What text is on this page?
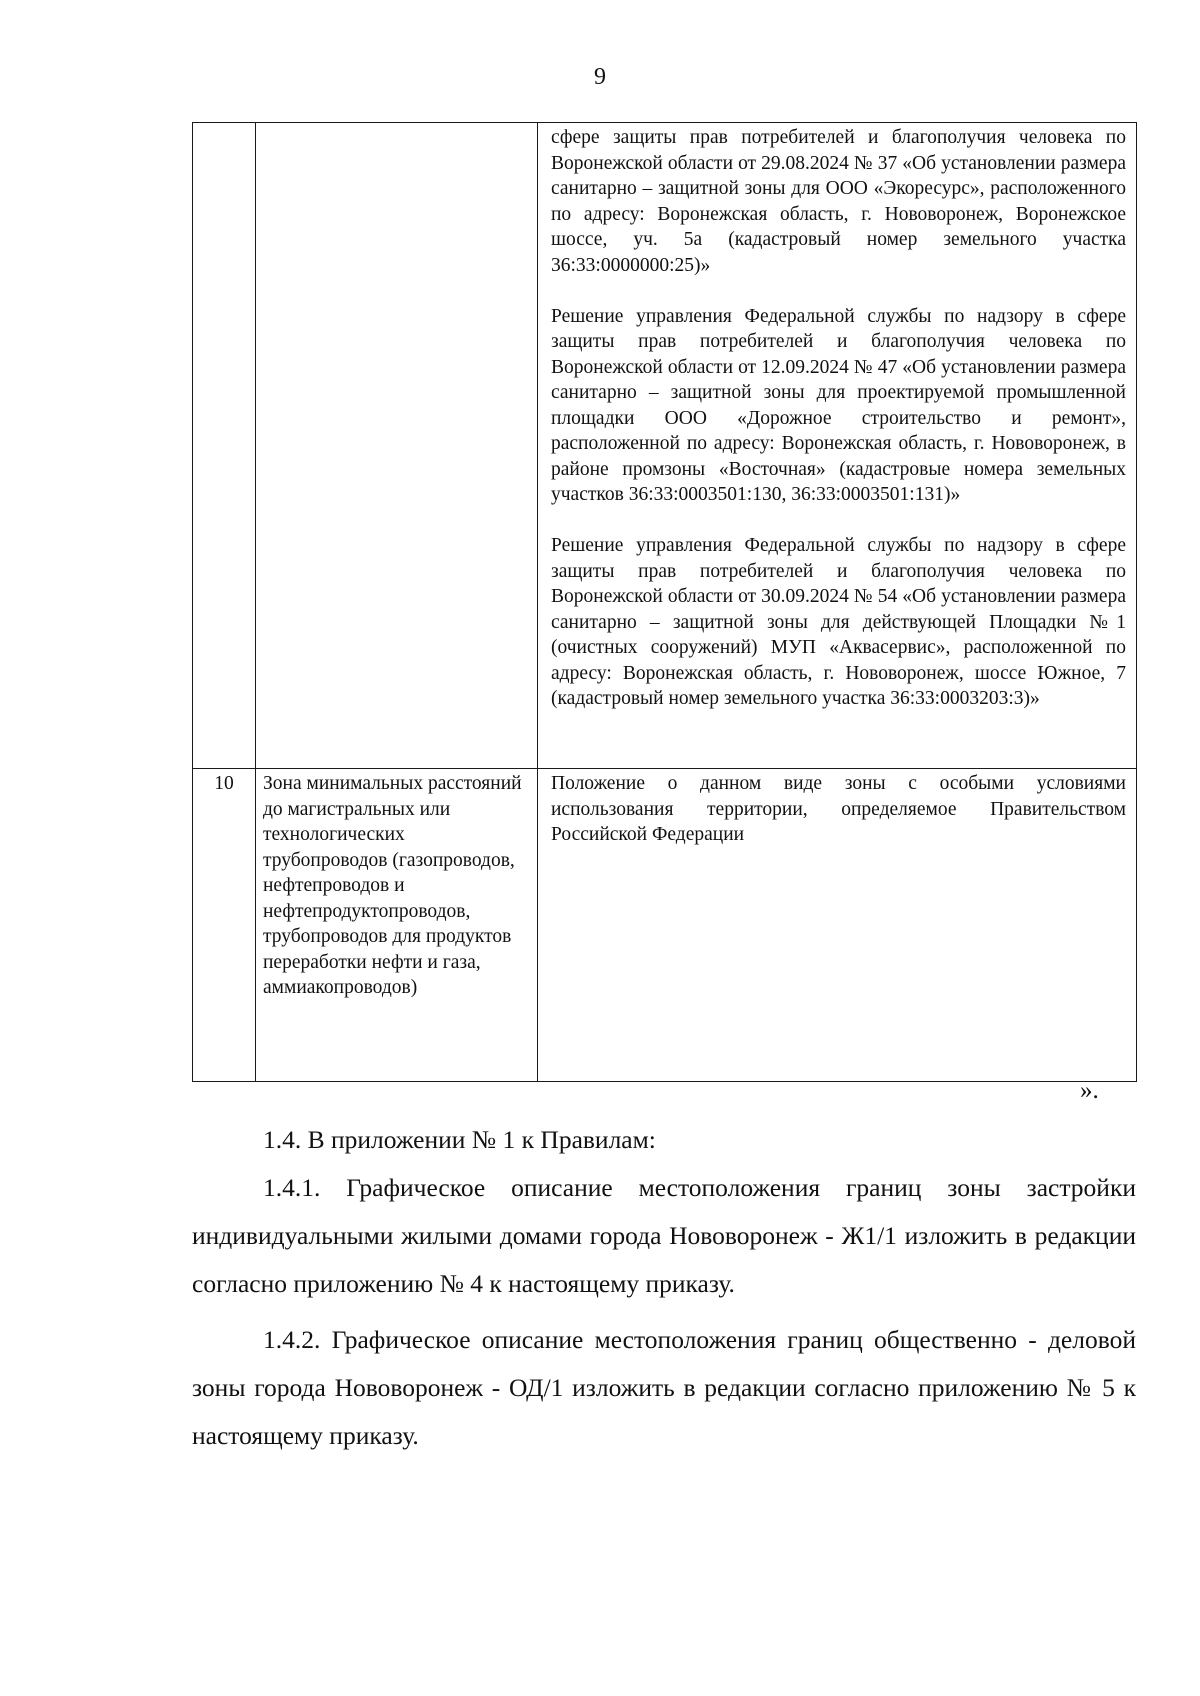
9

		сфере защиты прав потребителей и благополучия человека по Воронежской области от 29.08.2024 № 37 «Об установлении размера санитарно – защитной зоны для ООО «Экоресурс», расположенного по адресу: Воронежская область, г. Нововоронеж, Воронежское шоссе, уч. 5а (кадастровый номер земельного участка 36:33:0000000:25)»

Решение управления Федеральной службы по надзору в сфере защиты прав потребителей и благополучия человека по Воронежской области от 12.09.2024 № 47 «Об установлении размера санитарно – защитной зоны для проектируемой промышленной площадки ООО «Дорожное строительство и ремонт», расположенной по адресу: Воронежская область, г. Нововоронеж, в районе промзоны «Восточная» (кадастровые номера земельных участков 36:33:0003501:130, 36:33:0003501:131)»

Решение управления Федеральной службы по надзору в сфере защиты прав потребителей и благополучия человека по Воронежской области от 30.09.2024 № 54 «Об установлении размера санитарно – защитной зоны для действующей Площадки №1 (очистных сооружений) МУП «Аквасервис», расположенной по адресу: Воронежская область, г. Нововоронеж, шоссе Южное, 7 (кадастровый номер земельного участка 36:33:0003203:3)»

10	Зона минимальных расстояний до магистральных или технологических трубопроводов (газопроводов, нефтепроводов и нефтепродуктопроводов, трубопроводов для продуктов переработки нефти и газа, аммиакопроводов)	Положение о данном виде зоны с особыми условиями использования территории, определяемое Правительством Российской Федерации

».

1.4. В приложении № 1 к Правилам:

1.4.1. Графическое описание местоположения границ зоны застройки индивидуальными жилыми домами города Нововоронеж - Ж1/1 изложить в редакции согласно приложению № 4 к настоящему приказу.

1.4.2. Графическое описание местоположения границ общественно - деловой зоны города Нововоронеж - ОД/1 изложить в редакции согласно приложению № 5 к настоящему приказу.
